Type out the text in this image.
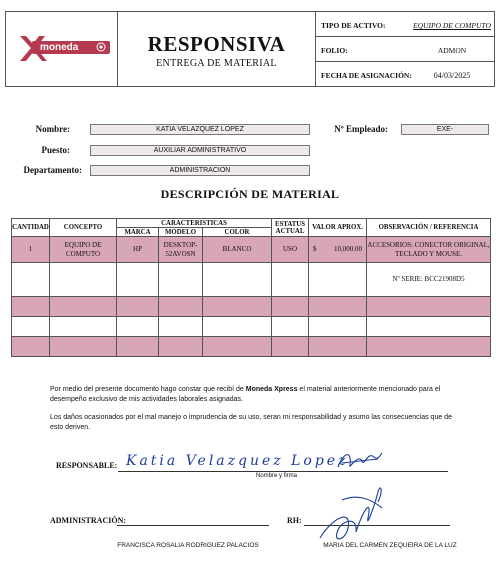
moneda	RESPONSIVA
ENTREGA DE MATERIAL
TIPO DE ACTIVO:	EQUIPO DE COMPUTO
FOLIO:	ADMON
FECHA DE ASIGNACIÓN:	04/03/2025
Nombre:	KATIA VELAZQUEZ LOPEZ
Puesto:	AUXILIAR ADMINISTRATIVO
Departamento:	ADMINISTRACION
Nº Empleado:	EXE-
DESCRIPCIÓN DE MATERIAL
CANTIDAD	CONCEPTO	CARACTERISTICAS			ESTATUS ACTUAL	VALOR APROX.	OBSERVACIÓN / REFERENCIA
		MARCA	MODELO	COLOR			
1	EQUIPO DE COMPUTO	HP	DESKTOP-52AVOSN	BLANCO	USO	$ 10,000.00	ACCESORIOS: CONECTOR ORIGINAL, TECLADO Y MOUSE.
							Nº SERIE: BCC21908D5

Por medio del presente documento hago constar que recibí de Moneda Xpress el material anteriormente mencionado para el desempeño exclusivo de mis actividades laborales asignadas.
Los daños ocasionados por el mal manejo o imprudencia de su uso, seran mi responsabilidad y asumo las consecuencias que de esto deriven.
RESPONSABLE: Katia Velazquez Lopez
Nombre y firma
ADMINISTRACIÓN:	RH:
FRANCISCA ROSALIA RODRIGUEZ PALACIOS	MARIA DEL CARMEN ZEQUEIRA DE LA LUZ
